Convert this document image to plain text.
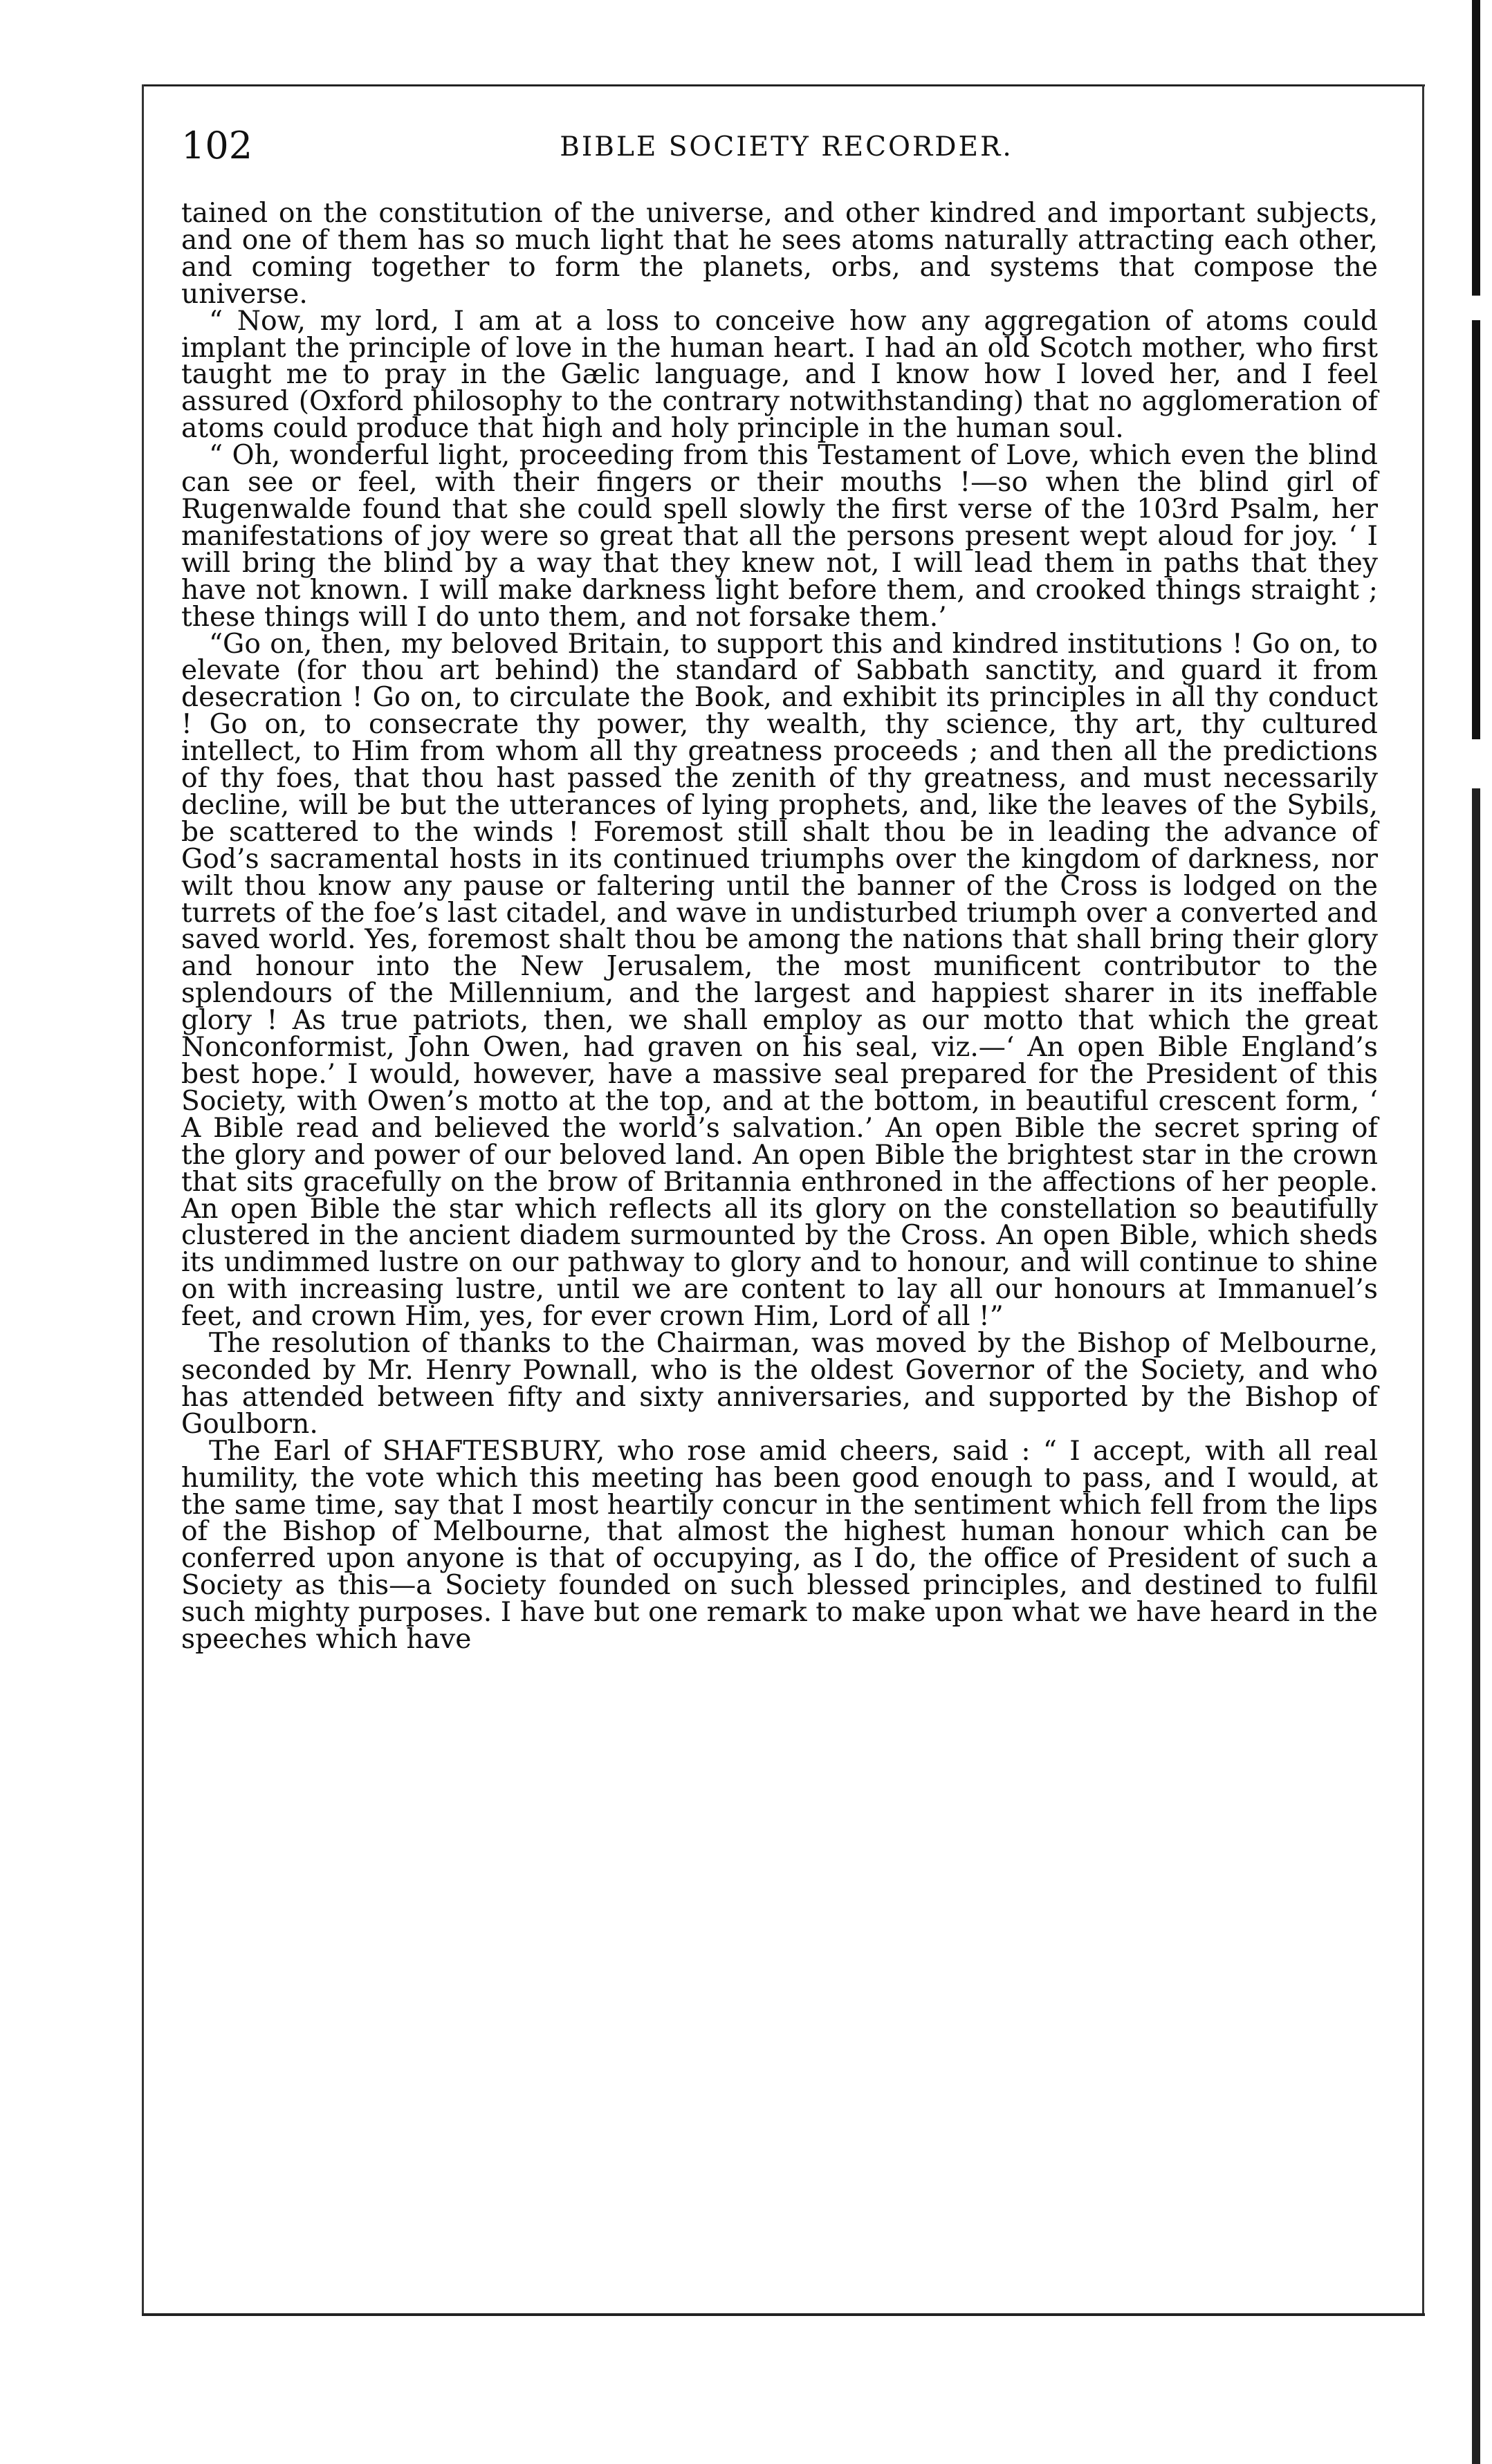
102	BIBLE SOCIETY RECORDER.

tained on the constitution of the universe, and other kindred and important subjects, and one of them has so much light that he sees atoms naturally attracting each other, and coming together to form the planets, orbs, and systems that compose the universe.

“ Now, my lord, I am at a loss to conceive how any aggregation of atoms could implant the principle of love in the human heart. I had an old Scotch mother, who first taught me to pray in the Gælic language, and I know how I loved her, and I feel assured (Oxford philosophy to the contrary notwithstanding) that no agglomeration of atoms could produce that high and holy principle in the human soul.

“ Oh, wonderful light, proceeding from this Testament of Love, which even the blind can see or feel, with their fingers or their mouths !—so when the blind girl of Rugenwalde found that she could spell slowly the first verse of the 103rd Psalm, her manifestations of joy were so great that all the persons present wept aloud for joy. ‘ I will bring the blind by a way that they knew not, I will lead them in paths that they have not known. I will make darkness light before them, and crooked things straight ; these things will I do unto them, and not forsake them.’

“Go on, then, my beloved Britain, to support this and kindred institutions ! Go on, to elevate (for thou art behind) the standard of Sabbath sanctity, and guard it from desecration ! Go on, to circulate the Book, and exhibit its principles in all thy conduct ! Go on, to consecrate thy power, thy wealth, thy science, thy art, thy cultured intellect, to Him from whom all thy greatness proceeds ; and then all the predictions of thy foes, that thou hast passed the zenith of thy greatness, and must necessarily decline, will be but the utterances of lying prophets, and, like the leaves of the Sybils, be scattered to the winds ! Foremost still shalt thou be in leading the advance of God’s sacramental hosts in its continued triumphs over the kingdom of darkness, nor wilt thou know any pause or faltering until the banner of the Cross is lodged on the turrets of the foe’s last citadel, and wave in undisturbed triumph over a converted and saved world. Yes, foremost shalt thou be among the nations that shall bring their glory and honour into the New Jerusalem, the most munificent contributor to the splendours of the Millennium, and the largest and happiest sharer in its ineffable glory ! As true patriots, then, we shall employ as our motto that which the great Nonconformist, John Owen, had graven on his seal, viz.—‘ An open Bible England’s best hope.’ I would, however, have a massive seal prepared for the President of this Society, with Owen’s motto at the top, and at the bottom, in beautiful crescent form, ‘ A Bible read and believed the world’s salvation.’ An open Bible the secret spring of the glory and power of our beloved land. An open Bible the brightest star in the crown that sits gracefully on the brow of Britannia enthroned in the affections of her people. An open Bible the star which reflects all its glory on the constellation so beautifully clustered in the ancient diadem surmounted by the Cross. An open Bible, which sheds its undimmed lustre on our pathway to glory and to honour, and will continue to shine on with increasing lustre, until we are content to lay all our honours at Immanuel’s feet, and crown Him, yes, for ever crown Him, Lord of all !”

The resolution of thanks to the Chairman, was moved by the Bishop of Melbourne, seconded by Mr. Henry Pownall, who is the oldest Governor of the Society, and who has attended between fifty and sixty anniversaries, and supported by the Bishop of Goulborn.

The Earl of SHAFTESBURY, who rose amid cheers, said : “ I accept, with all real humility, the vote which this meeting has been good enough to pass, and I would, at the same time, say that I most heartily concur in the sentiment which fell from the lips of the Bishop of Melbourne, that almost the highest human honour which can be conferred upon anyone is that of occupying, as I do, the office of President of such a Society as this—a Society founded on such blessed principles, and destined to fulfil such mighty purposes. I have but one remark to make upon what we have heard in the speeches which have
